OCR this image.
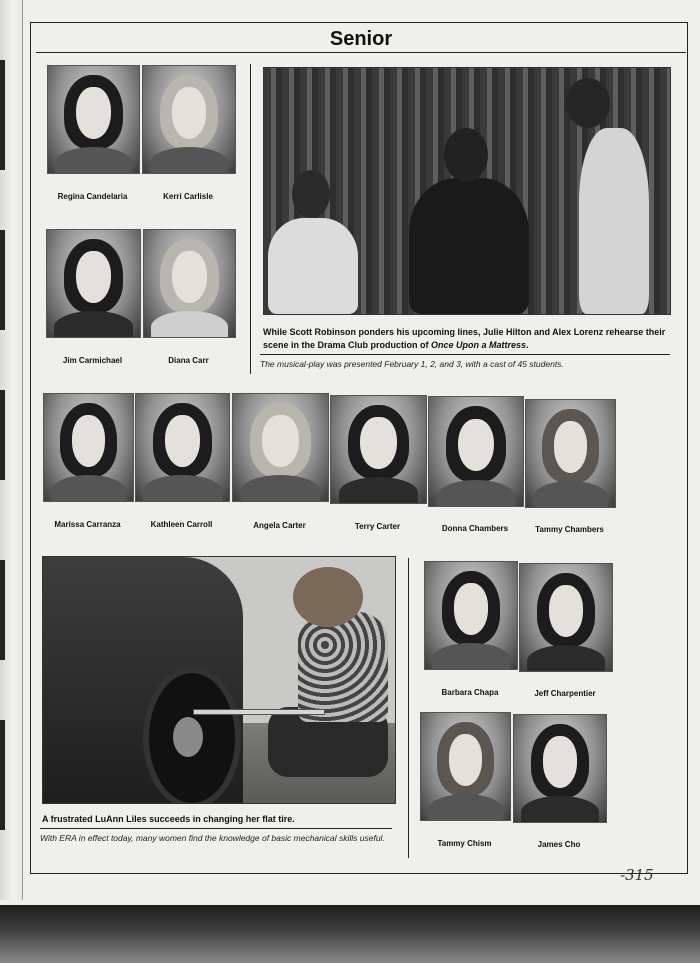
Senior
Regina Candelaria	Kerri Carlisle
Jim Carmichael	Diana Carr
While Scott Robinson ponders his upcoming lines, Julie Hilton and Alex Lorenz rehearse their scene in the Drama Club production of Once Upon a Mattress.
The musical-play was presented February 1, 2, and 3, with a cast of 45 students.
Marissa Carranza	Kathleen Carroll	Angela Carter	Terry Carter	Donna Chambers	Tammy Chambers
A frustrated LuAnn Liles succeeds in changing her flat tire.
With ERA in effect today, many women find the knowledge of basic mechanical skills useful.
Barbara Chapa	Jeff Charpentier
Tammy Chism	James Cho
-315
